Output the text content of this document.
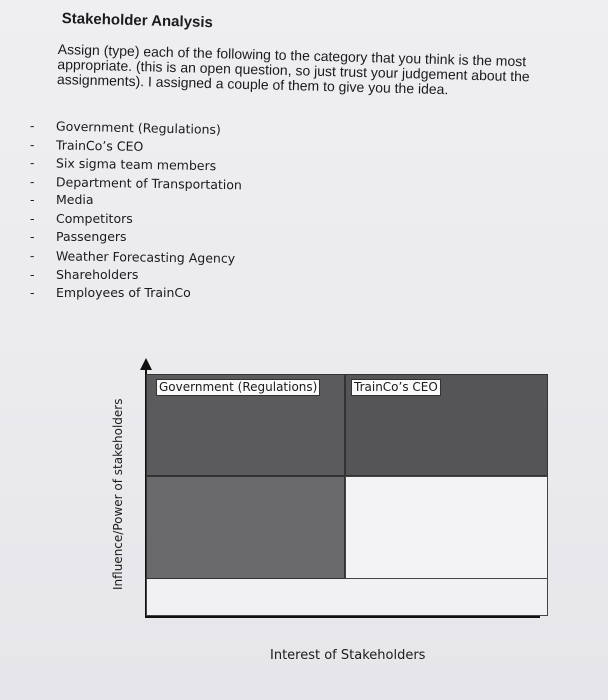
Stakeholder Analysis
Assign (type) each of the following to the category that you think is the most appropriate. (this is an open question, so just trust your judgement about the assignments). I assigned a couple of them to give you the idea.
-	Government (Regulations)
-	TrainCo’s CEO
-	Six sigma team members
-	Department of Transportation
-	Media
-	Competitors
-	Passengers
-	Weather Forecasting Agency
-	Shareholders
-	Employees of TrainCo
Government (Regulations)	TrainCo’s CEO
Influence/Power of stakeholders
Interest of Stakeholders
